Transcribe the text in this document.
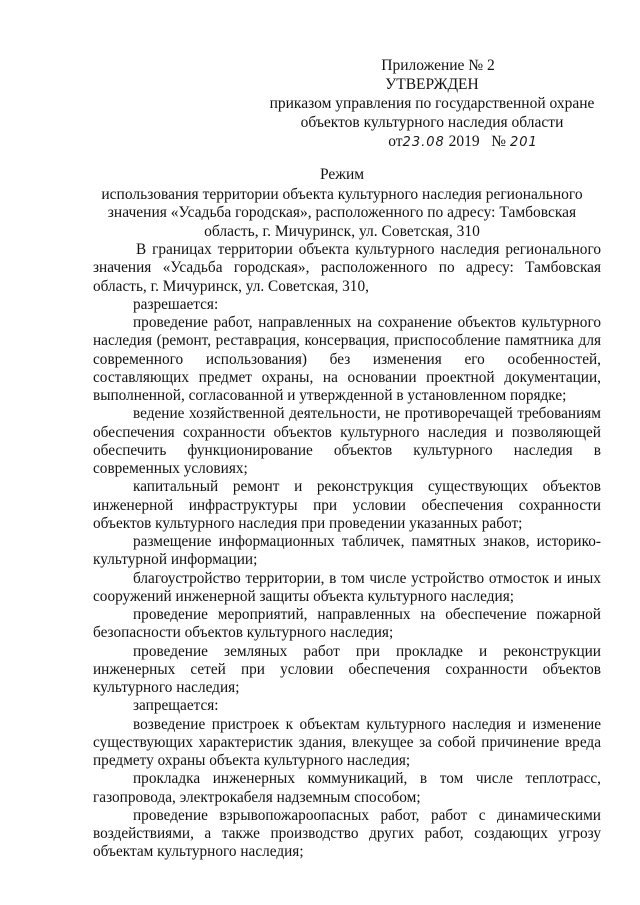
Приложение № 2
УТВЕРЖДЕН
приказом управления по государственной охране
объектов культурного наследия области
от23.08 2019 № 201
Режим
использования территории объекта культурного наследия регионального
значения «Усадьба городская», расположенного по адресу: Тамбовская
область, г. Мичуринск, ул. Советская, 310

В границах территории объекта культурного наследия регионального значения «Усадьба городская», расположенного по адресу: Тамбовская область, г. Мичуринск, ул. Советская, 310,

разрешается:

проведение работ, направленных на сохранение объектов культурного наследия (ремонт, реставрация, консервация, приспособление памятника для современного использования) без изменения его особенностей, составляющих предмет охраны, на основании проектной документации, выполненной, согласованной и утвержденной в установленном порядке;

ведение хозяйственной деятельности, не противоречащей требованиям обеспечения сохранности объектов культурного наследия и позволяющей обеспечить функционирование объектов культурного наследия в современных условиях;

капитальный ремонт и реконструкция существующих объектов инженерной инфраструктуры при условии обеспечения сохранности объектов культурного наследия при проведении указанных работ;

размещение информационных табличек, памятных знаков, историко-культурной информации;

благоустройство территории, в том числе устройство отмосток и иных сооружений инженерной защиты объекта культурного наследия;

проведение мероприятий, направленных на обеспечение пожарной безопасности объектов культурного наследия;

проведение земляных работ при прокладке и реконструкции инженерных сетей при условии обеспечения сохранности объектов культурного наследия;

запрещается:

возведение пристроек к объектам культурного наследия и изменение существующих характеристик здания, влекущее за собой причинение вреда предмету охраны объекта культурного наследия;

прокладка инженерных коммуникаций, в том числе теплотрасс, газопровода, электрокабеля надземным способом;

проведение взрывопожароопасных работ, работ с динамическими воздействиями, а также производство других работ, создающих угрозу объектам культурного наследия;
